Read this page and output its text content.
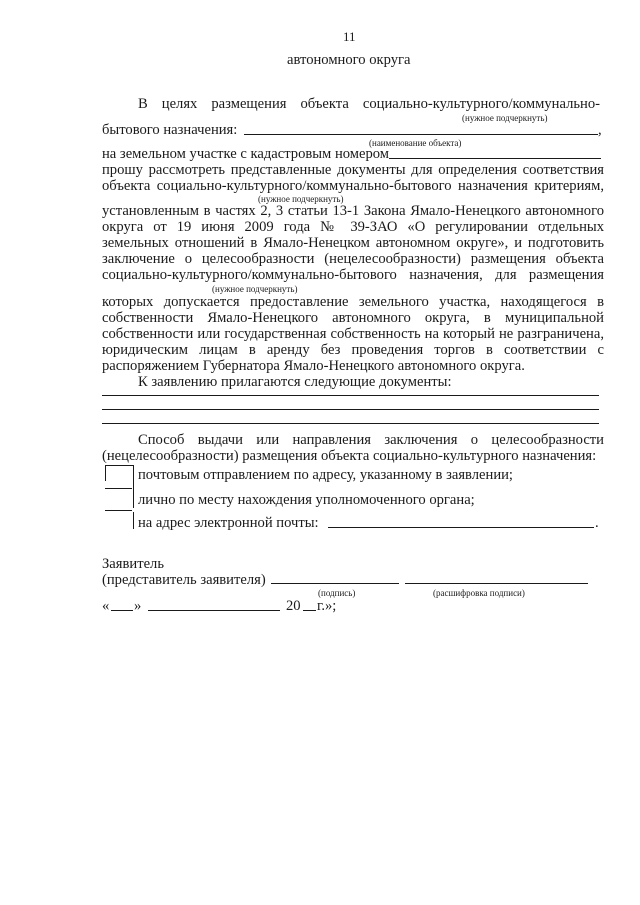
11
автономного округа
В целях размещения объекта социально-культурного/коммунально-
(нужное подчеркнуть)
бытового назначения:	,
(наименование объекта)
на земельном участке с кадастровым номером
прошу рассмотреть представленные документы для определения соответствия
объекта социально-культурного/коммунально-бытового назначения критериям,
(нужное подчеркнуть)
установленным в частях 2, 3 статьи 13-1 Закона Ямало-Ненецкого автономного
округа от 19 июня 2009 года № 39-ЗАО «О регулировании отдельных
земельных отношений в Ямало-Ненецком автономном округе», и подготовить
заключение о целесообразности (нецелесообразности) размещения объекта
социально-культурного/коммунально-бытового назначения, для размещения
(нужное подчеркнуть)
которых допускается предоставление земельного участка, находящегося в
собственности Ямало-Ненецкого автономного округа, в муниципальной
собственности или государственная собственность на который не разграничена,
юридическим лицам в аренду без проведения торгов в соответствии с
распоряжением Губернатора Ямало-Ненецкого автономного округа.
К заявлению прилагаются следующие документы:
Способ выдачи или направления заключения о целесообразности
(нецелесообразности) размещения объекта социально-культурного назначения:
почтовым отправлением по адресу, указанному в заявлении;
лично по месту нахождения уполномоченного органа;
на адрес электронной почты:	.
Заявитель
(представитель заявителя)
(подпись)	(расшифровка подписи)
« »	20 г.»;
